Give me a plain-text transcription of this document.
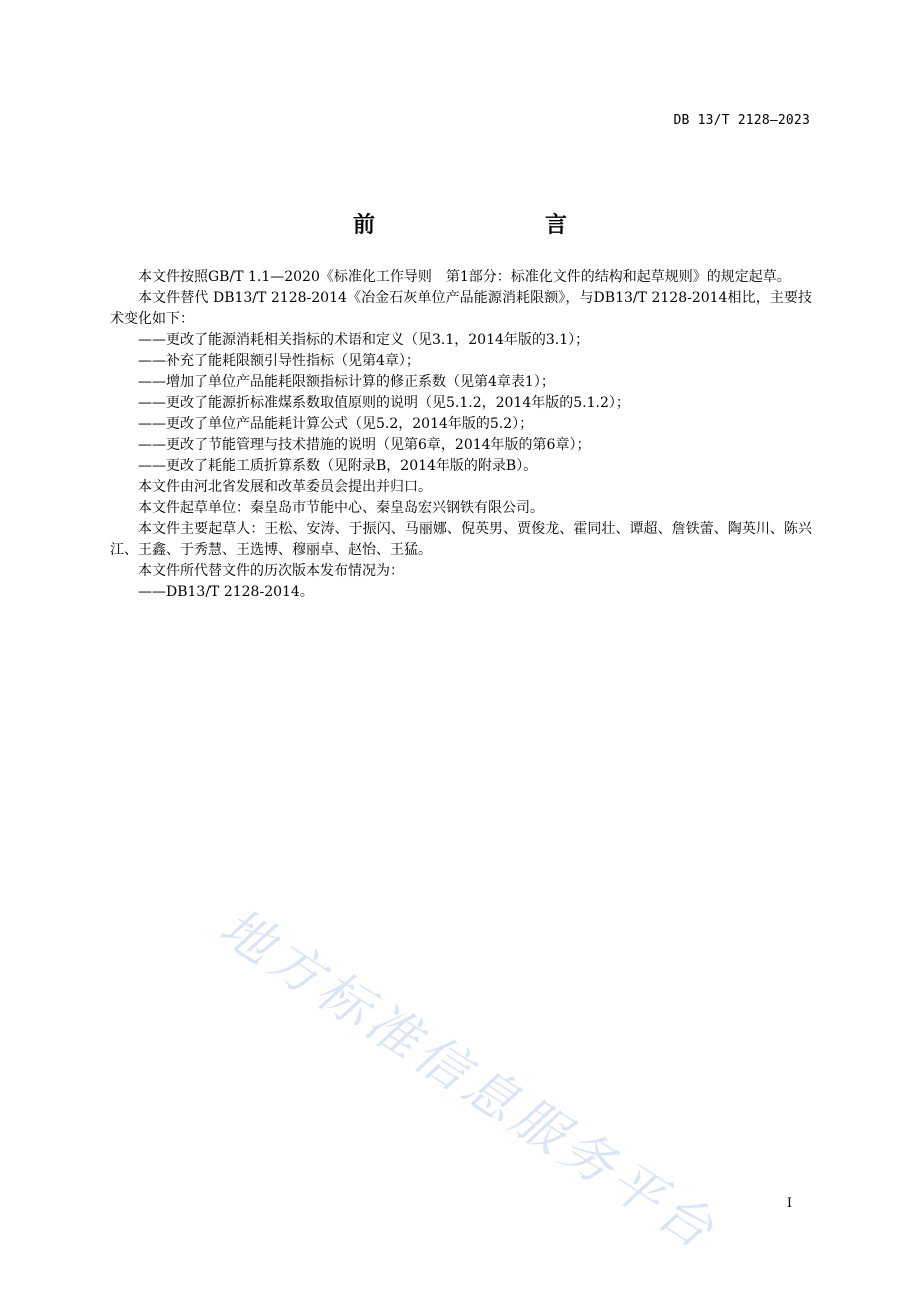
DB 13/T 2128—2023
前　　言

本文件按照GB/T 1.1—2020《标准化工作导则　第1部分：标准化文件的结构和起草规则》的规定起草。

本文件替代 DB13/T 2128-2014《冶金石灰单位产品能源消耗限额》，与DB13/T 2128-2014相比，主要技术变化如下：

——更改了能源消耗相关指标的术语和定义（见3.1，2014年版的3.1）；

——补充了能耗限额引导性指标（见第4章）；

——增加了单位产品能耗限额指标计算的修正系数（见第4章表1）；

——更改了能源折标准煤系数取值原则的说明（见5.1.2，2014年版的5.1.2）；

——更改了单位产品能耗计算公式（见5.2，2014年版的5.2）；

——更改了节能管理与技术措施的说明（见第6章，2014年版的第6章）；

——更改了耗能工质折算系数（见附录B，2014年版的附录B）。

本文件由河北省发展和改革委员会提出并归口。

本文件起草单位：秦皇岛市节能中心、秦皇岛宏兴钢铁有限公司。

本文件主要起草人：王松、安涛、于振闪、马丽娜、倪英男、贾俊龙、霍同壮、谭超、詹铁蕾、陶英川、陈兴江、王鑫、于秀慧、王选博、穆丽卓、赵怡、王猛。

本文件所代替文件的历次版本发布情况为：

——DB13/T 2128-2014。

地方标准信息服务平台	I
